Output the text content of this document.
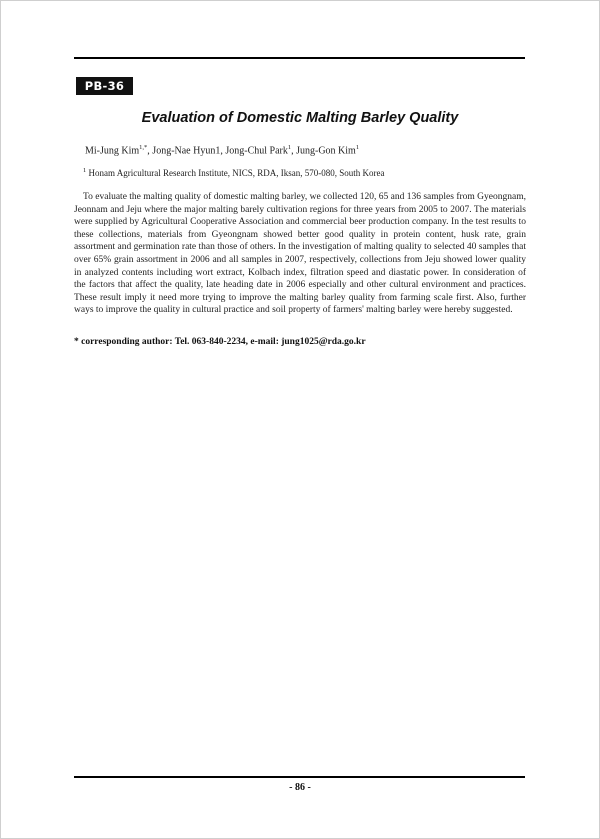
PB-36
Evaluation of Domestic Malting Barley Quality
Mi-Jung Kim$^{1,*}$, Jong-Nae Hyun1, Jong-Chul Park$^1$, Jung-Gon Kim$^1$
$^1$ Honam Agricultural Research Institute, NICS, RDA, Iksan, 570-080, South Korea

To evaluate the malting quality of domestic malting barley, we collected 120, 65 and 136 samples from Gyeongnam, Jeonnam and Jeju where the major malting barely cultivation regions for three years from 2005 to 2007. The materials were supplied by Agricultural Cooperative Association and commercial beer production company. In the test results to these collections, materials from Gyeongnam showed better good quality in protein content, husk rate, grain assortment and germination rate than those of others. In the investigation of malting quality to selected 40 samples that over 65% grain assortment in 2006 and all samples in 2007, respectively, collections from Jeju showed lower quality in analyzed contents including wort extract, Kolbach index, filtration speed and diastatic power. In consideration of the factors that affect the quality, late heading date in 2006 especially and other cultural environment and practices. These result imply it need more trying to improve the malting barley quality from farming scale first. Also, further ways to improve the quality in cultural practice and soil property of farmers' malting barley were hereby suggested.

* corresponding author: Tel. 063-840-2234, e-mail: jung1025@rda.go.kr
- 86 -
